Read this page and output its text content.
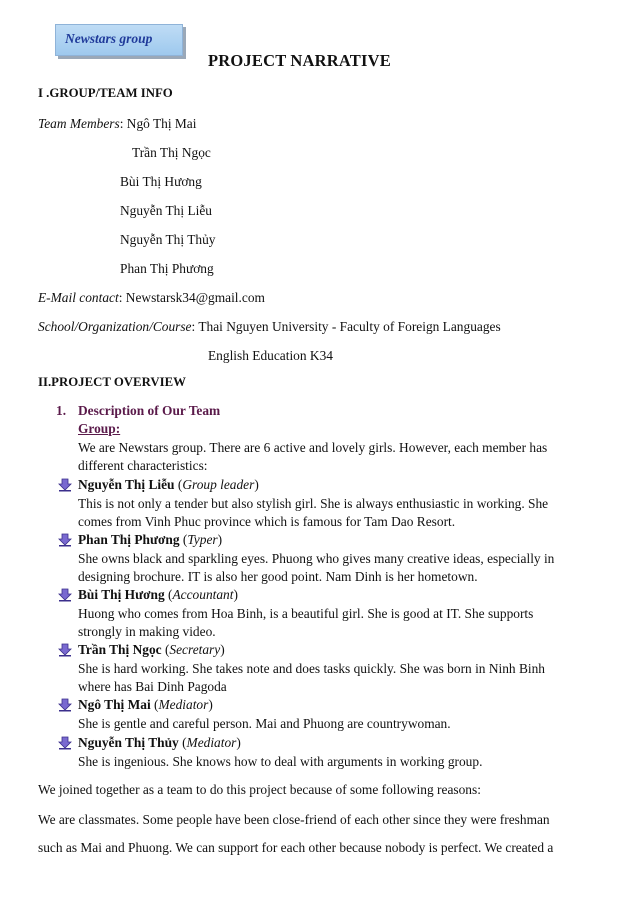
Newstars group
PROJECT NARRATIVE
I .GROUP/TEAM INFO
Team Members: Ngô Thị Mai
Trần Thị Ngọc
Bùi Thị Hương
Nguyễn Thị Liễu
Nguyễn Thị Thủy
Phan Thị Phương
E-Mail contact: Newstarsk34@gmail.com
School/Organization/Course: Thai Nguyen University - Faculty of Foreign Languages
English Education K34
II.PROJECT OVERVIEW
1. Description of Our Team
Group:
We are Newstars group. There are 6 active and lovely girls. However, each member has
different characteristics:
Nguyễn Thị Liễu (Group leader)
This is not only a tender but also stylish girl. She is always enthusiastic in working. She
comes from Vinh Phuc province which is famous for Tam Dao Resort.
Phan Thị Phương (Typer)
She owns black and sparkling eyes. Phuong who gives many creative ideas, especially in
designing brochure. IT is also her good point. Nam Dinh is her hometown.
Bùi Thị Hương (Accountant)
Huong who comes from Hoa Binh, is a beautiful girl. She is good at IT. She supports
strongly in making video.
Trần Thị Ngọc (Secretary)
She is hard working. She takes note and does tasks quickly. She was born in Ninh Binh
where has Bai Dinh Pagoda
Ngô Thị Mai (Mediator)
She is gentle and careful person. Mai and Phuong are countrywoman.
Nguyễn Thị Thủy (Mediator)
She is ingenious. She knows how to deal with arguments in working group.
We joined together as a team to do this project because of some following reasons:
We are classmates. Some people have been close-friend of each other since they were freshman
such as Mai and Phuong. We can support for each other because nobody is perfect. We created a
